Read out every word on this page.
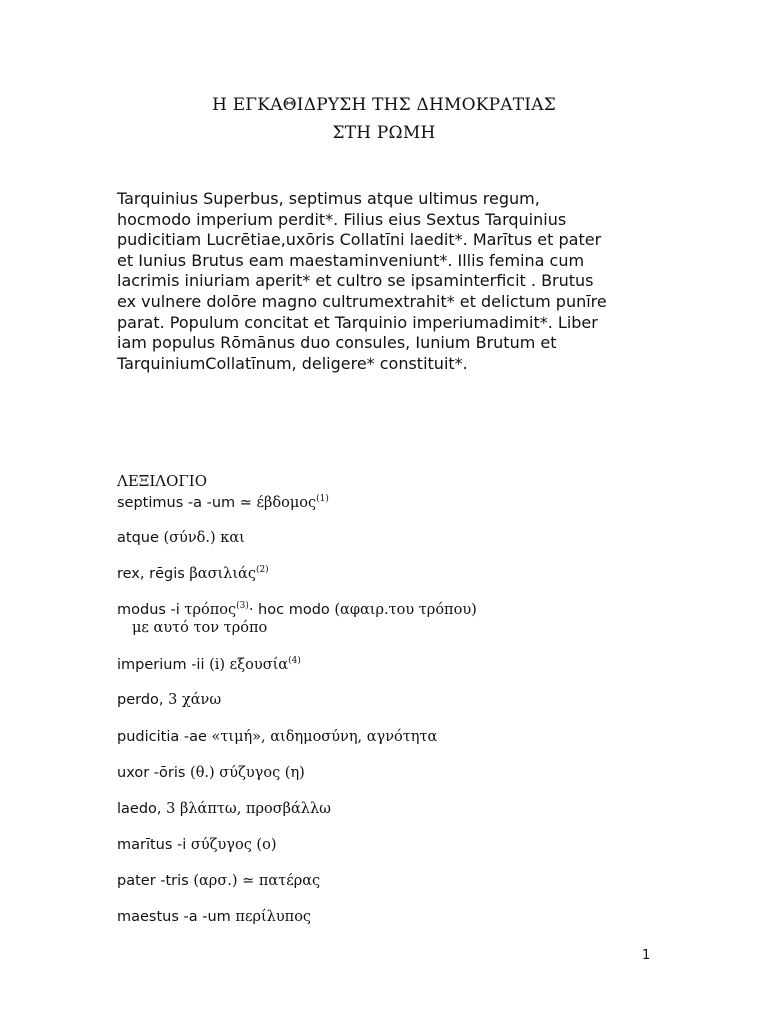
Η ΕΓΚΑΘΙΔΡΥΣΗ ΤΗΣ ΔΗΜΟΚΡΑΤΙΑΣ
ΣΤΗ ΡΩΜΗ
Tarquinius Superbus, septimus atque ultimus regum,
hocmodo imperium perdit*. Filius eius Sextus Tarquinius
pudicitiam Lucrētiae,uxōris Collatīni laedit*. Marītus et pater
et Iunius Brutus eam maestaminveniunt*. Illis femina cum
lacrimis iniuriam aperit* et cultro se ipsaminterficit . Brutus
ex vulnere dolōre magno cultrumextrahit* et delictum punīre
parat. Populum concitat et Tarquinio imperiumadimit*. Liber
iam populus Rōmānus duo consules, Iunium Brutum et
TarquiniumCollatīnum, deligere* constituit*.
ΛΕΞΙΛΟΓΙΟ
septimus -a -um ≃ έβδομος$^{(1)}$
atque (σύνδ.) και
rex, rēgis βασιλιάς$^{(2)}$
modus -i τρόπος$^{(3)}$· hoc modo (αφαιρ.του τρόπου)
με αυτό τον τρόπο
imperium -ii (i) εξουσία$^{(4)}$
perdo, 3 χάνω
pudicitia -ae «τιμή», αιδημοσύνη, αγνότητα
uxor -ōris (θ.) σύζυγος (η)
laedo, 3 βλάπτω, προσβάλλω
marītus -i σύζυγος (ο)
pater -tris (αρσ.) ≃ πατέρας
maestus -a -um περίλυπος
1
